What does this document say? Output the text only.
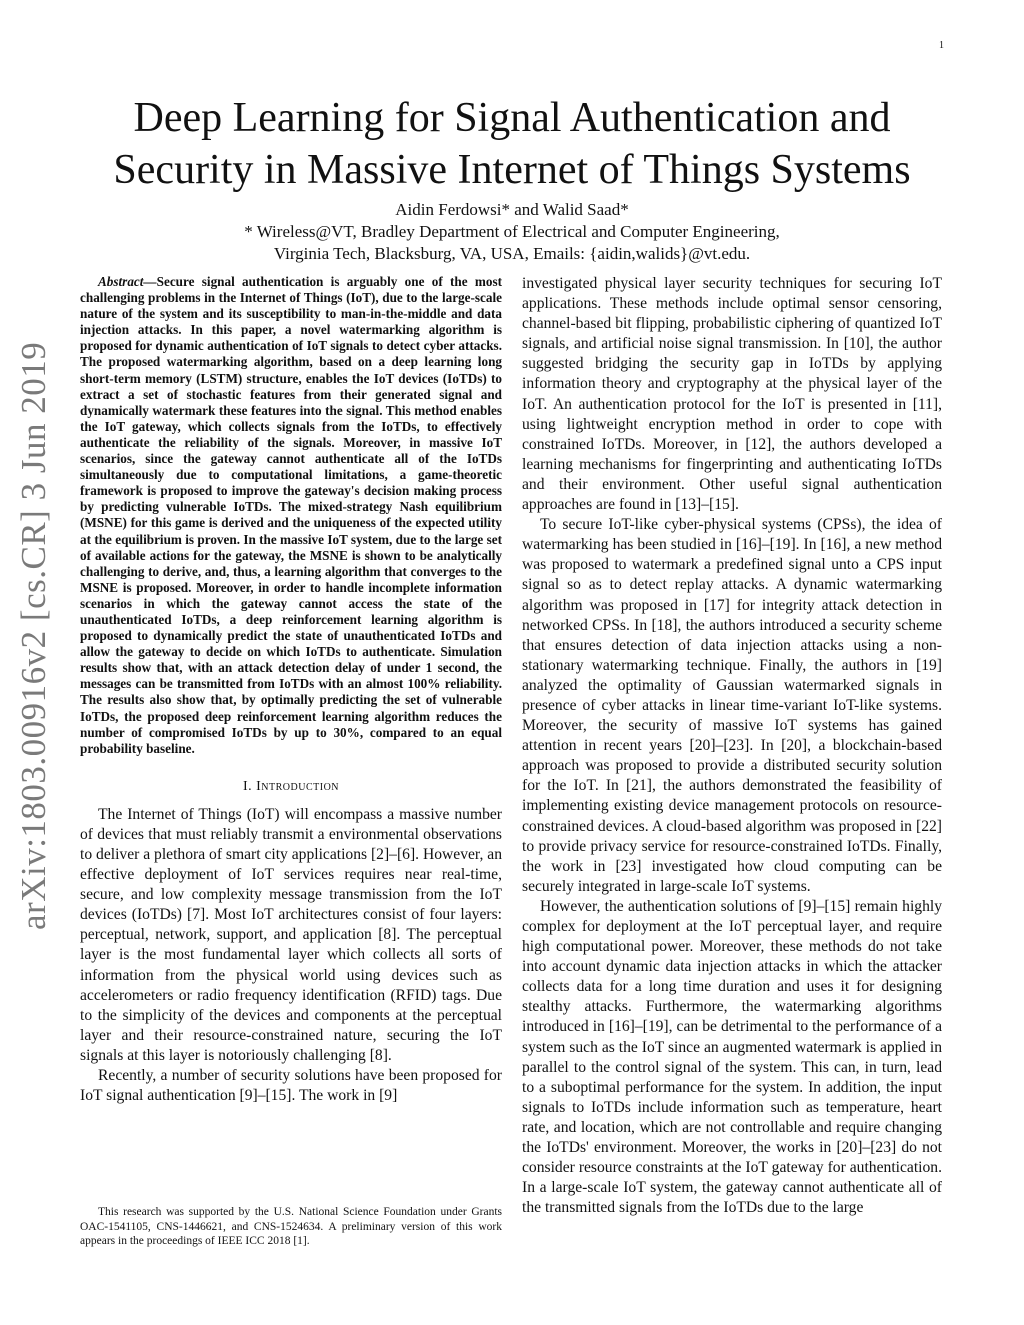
1
arXiv:1803.00916v2 [cs.CR] 3 Jun 2019
Deep Learning for Signal Authentication and
Security in Massive Internet of Things Systems
Aidin Ferdowsi* and Walid Saad*
* Wireless@VT, Bradley Department of Electrical and Computer Engineering,
Virginia Tech, Blacksburg, VA, USA, Emails: {aidin,walids}@vt.edu.

Abstract—Secure signal authentication is arguably one of the most challenging problems in the Internet of Things (IoT), due to the large-scale nature of the system and its susceptibility to man-in-the-middle and data injection attacks. In this paper, a novel watermarking algorithm is proposed for dynamic authentication of IoT signals to detect cyber attacks. The proposed watermarking algorithm, based on a deep learning long short-term memory (LSTM) structure, enables the IoT devices (IoTDs) to extract a set of stochastic features from their generated signal and dynamically watermark these features into the signal. This method enables the IoT gateway, which collects signals from the IoTDs, to effectively authenticate the reliability of the signals. Moreover, in massive IoT scenarios, since the gateway cannot authenticate all of the IoTDs simultaneously due to computational limitations, a game-theoretic framework is proposed to improve the gateway's decision making process by predicting vulnerable IoTDs. The mixed-strategy Nash equilibrium (MSNE) for this game is derived and the uniqueness of the expected utility at the equilibrium is proven. In the massive IoT system, due to the large set of available actions for the gateway, the MSNE is shown to be analytically challenging to derive, and, thus, a learning algorithm that converges to the MSNE is proposed. Moreover, in order to handle incomplete information scenarios in which the gateway cannot access the state of the unauthenticated IoTDs, a deep reinforcement learning algorithm is proposed to dynamically predict the state of unauthenticated IoTDs and allow the gateway to decide on which IoTDs to authenticate. Simulation results show that, with an attack detection delay of under 1 second, the messages can be transmitted from IoTDs with an almost 100% reliability. The results also show that, by optimally predicting the set of vulnerable IoTDs, the proposed deep reinforcement learning algorithm reduces the number of compromised IoTDs by up to 30%, compared to an equal probability baseline.

I. Introduction

The Internet of Things (IoT) will encompass a massive number of devices that must reliably transmit a environmental observations to deliver a plethora of smart city applications [2]–[6]. However, an effective deployment of IoT services requires near real-time, secure, and low complexity message transmission from the IoT devices (IoTDs) [7]. Most IoT architectures consist of four layers: perceptual, network, support, and application [8]. The perceptual layer is the most fundamental layer which collects all sorts of information from the physical world using devices such as accelerometers or radio frequency identification (RFID) tags. Due to the simplicity of the devices and components at the perceptual layer and their resource-constrained nature, securing the IoT signals at this layer is notoriously challenging [8].

Recently, a number of security solutions have been proposed for IoT signal authentication [9]–[15]. The work in [9]

This research was supported by the U.S. National Science Foundation under Grants OAC-1541105, CNS-1446621, and CNS-1524634. A preliminary version of this work appears in the proceedings of IEEE ICC 2018 [1].

investigated physical layer security techniques for securing IoT applications. These methods include optimal sensor censoring, channel-based bit flipping, probabilistic ciphering of quantized IoT signals, and artificial noise signal transmission. In [10], the author suggested bridging the security gap in IoTDs by applying information theory and cryptography at the physical layer of the IoT. An authentication protocol for the IoT is presented in [11], using lightweight encryption method in order to cope with constrained IoTDs. Moreover, in [12], the authors developed a learning mechanisms for fingerprinting and authenticating IoTDs and their environment. Other useful signal authentication approaches are found in [13]–[15].

To secure IoT-like cyber-physical systems (CPSs), the idea of watermarking has been studied in [16]–[19]. In [16], a new method was proposed to watermark a predefined signal unto a CPS input signal so as to detect replay attacks. A dynamic watermarking algorithm was proposed in [17] for integrity attack detection in networked CPSs. In [18], the authors introduced a security scheme that ensures detection of data injection attacks using a non-stationary watermarking technique. Finally, the authors in [19] analyzed the optimality of Gaussian watermarked signals in presence of cyber attacks in linear time-variant IoT-like systems. Moreover, the security of massive IoT systems has gained attention in recent years [20]–[23]. In [20], a blockchain-based approach was proposed to provide a distributed security solution for the IoT. In [21], the authors demonstrated the feasibility of implementing existing device management protocols on resource-constrained devices. A cloud-based algorithm was proposed in [22] to provide privacy service for resource-constrained IoTDs. Finally, the work in [23] investigated how cloud computing can be securely integrated in large-scale IoT systems.

However, the authentication solutions of [9]–[15] remain highly complex for deployment at the IoT perceptual layer, and require high computational power. Moreover, these methods do not take into account dynamic data injection attacks in which the attacker collects data for a long time duration and uses it for designing stealthy attacks. Furthermore, the watermarking algorithms introduced in [16]–[19], can be detrimental to the performance of a system such as the IoT since an augmented watermark is applied in parallel to the control signal of the system. This can, in turn, lead to a suboptimal performance for the system. In addition, the input signals to IoTDs include information such as temperature, heart rate, and location, which are not controllable and require changing the IoTDs' environment. Moreover, the works in [20]–[23] do not consider resource constraints at the IoT gateway for authentication. In a large-scale IoT system, the gateway cannot authenticate all of the transmitted signals from the IoTDs due to the large
